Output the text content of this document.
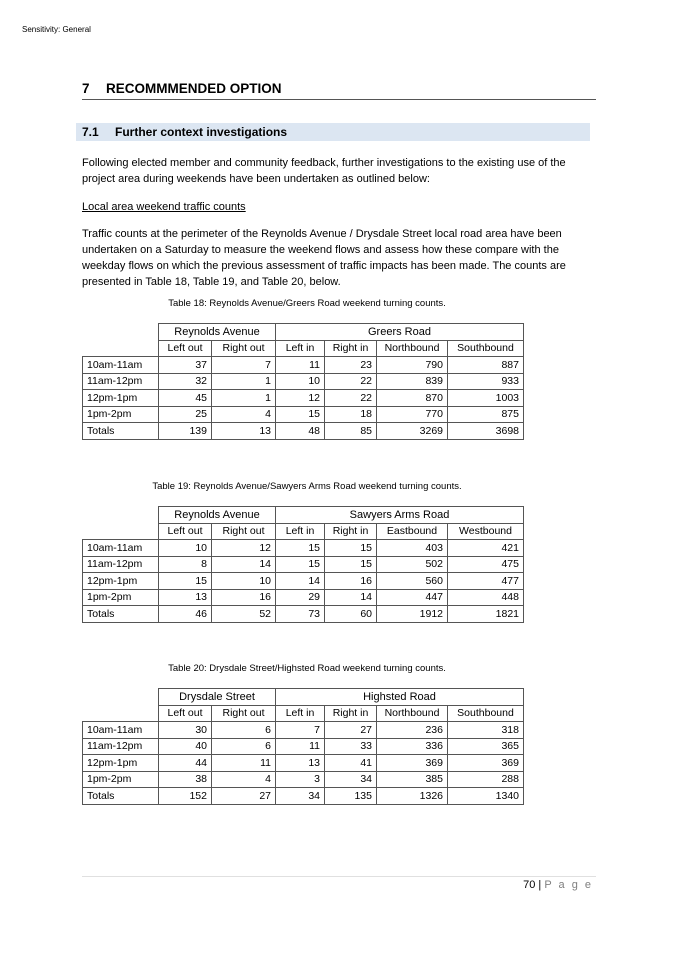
Sensitivity: General
7 RECOMMMENDED OPTION
7.1 Further context investigations
Following elected member and community feedback, further investigations to the existing use of the project area during weekends have been undertaken as outlined below:
Local area weekend traffic counts
Traffic counts at the perimeter of the Reynolds Avenue / Drysdale Street local road area have been undertaken on a Saturday to measure the weekend flows and assess how these compare with the weekday flows on which the previous assessment of traffic impacts has been made. The counts are presented in Table 18, Table 19, and Table 20, below.
Table 18: Reynolds Avenue/Greers Road weekend turning counts.
	Reynolds Avenue		Greers Road			
	Left out	Right out	Left in	Right in	Northbound	Southbound
10am-11am	37	7	11	23	790	887
11am-12pm	32	1	10	22	839	933
12pm-1pm	45	1	12	22	870	1003
1pm-2pm	25	4	15	18	770	875
Totals	139	13	48	85	3269	3698
Table 19: Reynolds Avenue/Sawyers Arms Road weekend turning counts.
	Reynolds Avenue		Sawyers Arms Road			
	Left out	Right out	Left in	Right in	Eastbound	Westbound
10am-11am	10	12	15	15	403	421
11am-12pm	8	14	15	15	502	475
12pm-1pm	15	10	14	16	560	477
1pm-2pm	13	16	29	14	447	448
Totals	46	52	73	60	1912	1821
Table 20: Drysdale Street/Highsted Road weekend turning counts.
	Drysdale Street		Highsted Road			
	Left out	Right out	Left in	Right in	Northbound	Southbound
10am-11am	30	6	7	27	236	318
11am-12pm	40	6	11	33	336	365
12pm-1pm	44	11	13	41	369	369
1pm-2pm	38	4	3	34	385	288
Totals	152	27	34	135	1326	1340
70 | P a g e
